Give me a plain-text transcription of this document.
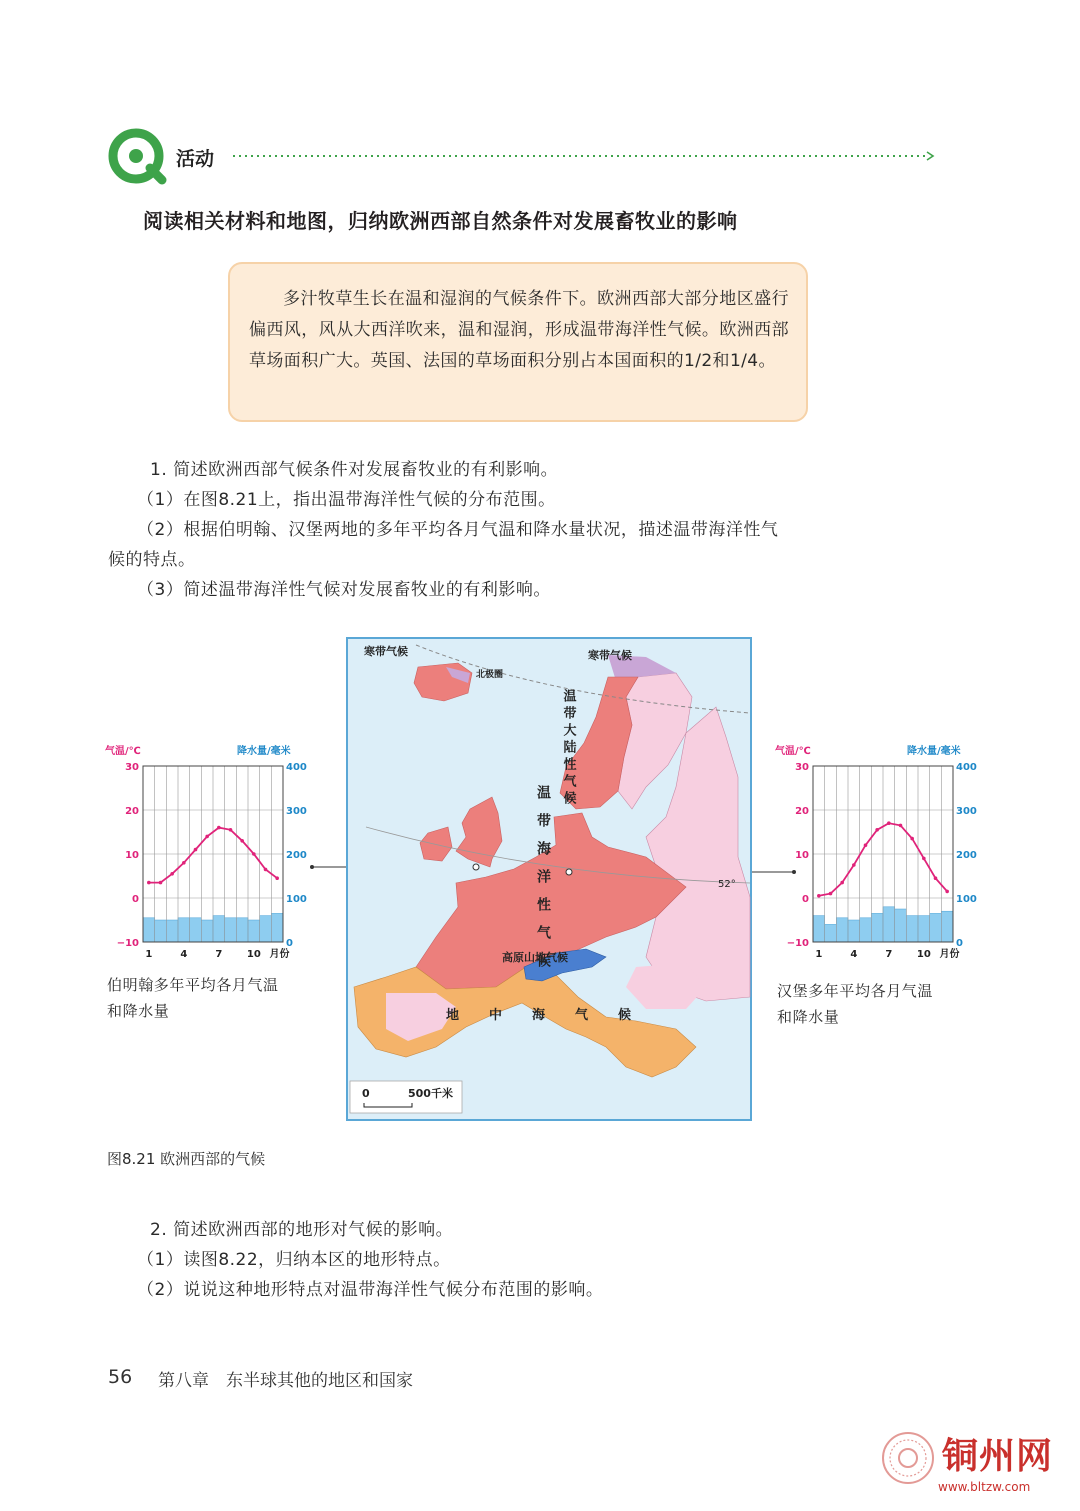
活动
阅读相关材料和地图，归纳欧洲西部自然条件对发展畜牧业的影响

多汁牧草生长在温和湿润的气候条件下。欧洲西部大部分地区盛行偏西风，风从大西洋吹来，温和湿润，形成温带海洋性气候。欧洲西部草场面积广大。英国、法国的草场面积分别占本国面积的1/2和1/4。

1. 简述欧洲西部气候条件对发展畜牧业的有利影响。
（1）在图8.21上，指出温带海洋性气候的分布范围。
（2）根据伯明翰、汉堡两地的多年平均各月气温和降水量状况，描述温带海洋性气
候的特点。
（3）简述温带海洋性气候对发展畜牧业的有利影响。
寒带气候	寒带气候
北极圈
52°
温带大陆性气候
温带海洋性气候
高原山地气候
地中海气候
0	500千米
气温/℃	降水量/毫米
−10
0
10
20
30
0
100
200
300
400
1	4	7 10 月份
伯明翰多年平均各月气温
和降水量
气温/℃	降水量/毫米
−10
0
10
20
30
0
100
200
300
400
1	4	7 10 月份
汉堡多年平均各月气温
和降水量
图8.21 欧洲西部的气候
2. 简述欧洲西部的地形对气候的影响。
（1）读图8.22，归纳本区的地形特点。
（2）说说这种地形特点对温带海洋性气候分布范围的影响。
56 第八章　东半球其他的地区和国家
铜州网
www.bltzw.com
